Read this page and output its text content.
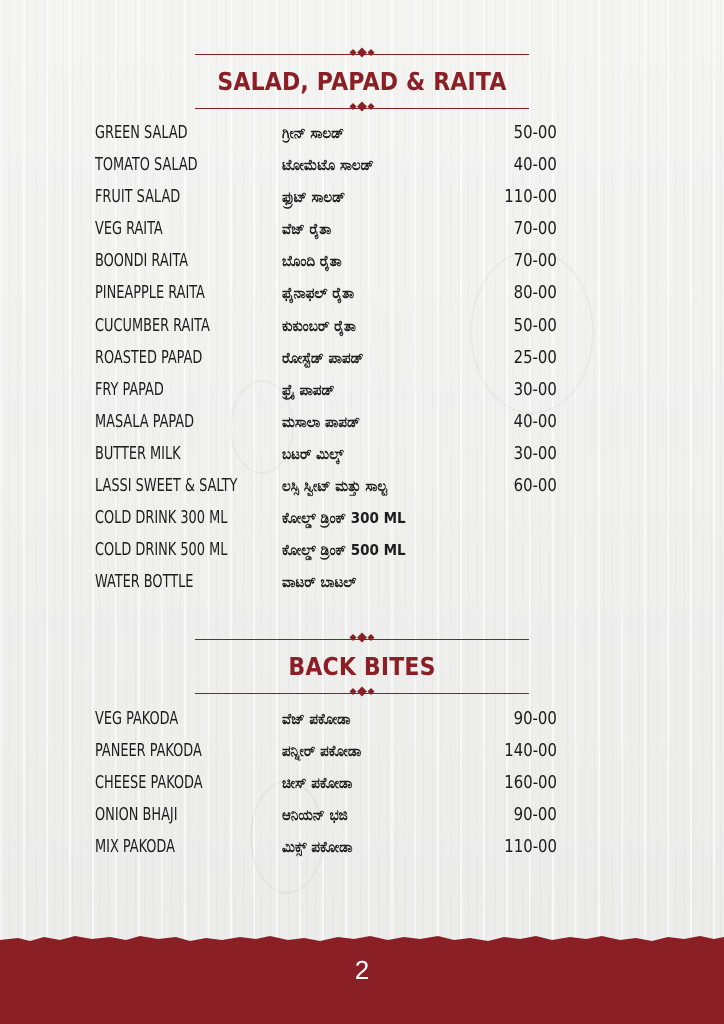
SALAD, PAPAD & RAITA
GREEN SALAD	ಗ್ರೀನ್ ಸಾಲಡ್	50-00
TOMATO SALAD	ಟೋಮೆಟೊ ಸಾಲಡ್	40-00
FRUIT SALAD	ಫ್ರುಟ್ ಸಾಲಡ್	110-00
VEG RAITA	ವೆಜ್ ರೈತಾ	70-00
BOONDI RAITA	ಬೊಂದಿ ರೈತಾ	70-00
PINEAPPLE RAITA	ಫೈನಾಫಲ್ ರೈತಾ	80-00
CUCUMBER RAITA	ಕುಕುಂಬರ್ ರೈತಾ	50-00
ROASTED PAPAD	ರೋಸ್ಟೆಡ್ ಪಾಪಡ್	25-00
FRY PAPAD	ಫ್ರೈ ಪಾಪಡ್	30-00
MASALA PAPAD	ಮಸಾಲಾ ಪಾಪಡ್	40-00
BUTTER MILK	ಬಟರ್ ಮಿಲ್ಕ್	30-00
LASSI SWEET & SALTY	ಲಸ್ಸಿ ಸ್ವೀಟ್ ಮತ್ತು ಸಾಲ್ಟ	60-00
COLD DRINK 300 ML	ಕೋಲ್ಡ್ ಡ್ರಿಂಕ್ 300 ML
COLD DRINK 500 ML	ಕೋಲ್ಡ್ ಡ್ರಿಂಕ್ 500 ML
WATER BOTTLE	ವಾಟರ್ ಬಾಟಲ್
BACK BITES
VEG PAKODA	ವೆಜ್ ಪಕೋಡಾ	90-00
PANEER PAKODA	ಪನ್ನೀರ್ ಪಕೋಡಾ	140-00
CHEESE PAKODA	ಚೀಸ್ ಪಕೋಡಾ	160-00
ONION BHAJI	ಆನಿಯನ್ ಭಜಿ	90-00
MIX PAKODA	ಮಿಕ್ಸ್ ಪಕೋಡಾ	110-00
2
